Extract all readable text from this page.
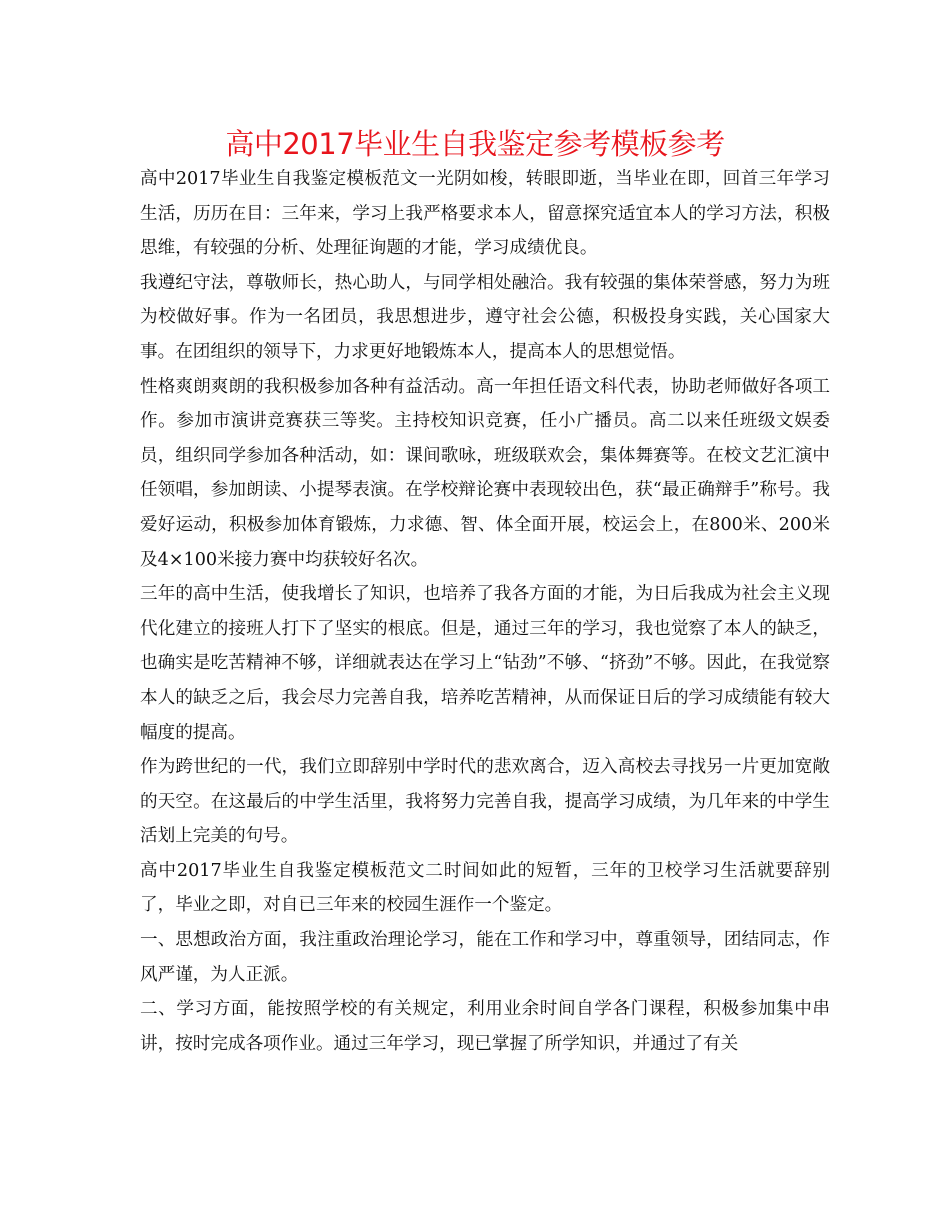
高中2017毕业生自我鉴定参考模板参考

高中2017毕业生自我鉴定模板范文一光阴如梭，转眼即逝，当毕业在即，回首三年学习生活，历历在目：三年来，学习上我严格要求本人，留意探究适宜本人的学习方法，积极思维，有较强的分析、处理征询题的才能，学习成绩优良。

我遵纪守法，尊敬师长，热心助人，与同学相处融洽。我有较强的集体荣誉感，努力为班为校做好事。作为一名团员，我思想进步，遵守社会公德，积极投身实践，关心国家大事。在团组织的领导下，力求更好地锻炼本人，提高本人的思想觉悟。

性格爽朗爽朗的我积极参加各种有益活动。高一年担任语文科代表，协助老师做好各项工作。参加市演讲竞赛获三等奖。主持校知识竞赛，任小广播员。高二以来任班级文娱委员，组织同学参加各种活动，如：课间歌咏，班级联欢会，集体舞赛等。在校文艺汇演中任领唱，参加朗读、小提琴表演。在学校辩论赛中表现较出色，获“最正确辩手”称号。我爱好运动，积极参加体育锻炼，力求德、智、体全面开展，校运会上，在800米、200米及4×100米接力赛中均获较好名次。

三年的高中生活，使我增长了知识，也培养了我各方面的才能，为日后我成为社会主义现代化建立的接班人打下了坚实的根底。但是，通过三年的学习，我也觉察了本人的缺乏，也确实是吃苦精神不够，详细就表达在学习上“钻劲”不够、“挤劲”不够。因此，在我觉察本人的缺乏之后，我会尽力完善自我，培养吃苦精神，从而保证日后的学习成绩能有较大幅度的提高。

作为跨世纪的一代，我们立即辞别中学时代的悲欢离合，迈入高校去寻找另一片更加宽敞的天空。在这最后的中学生活里，我将努力完善自我，提高学习成绩，为几年来的中学生活划上完美的句号。

高中2017毕业生自我鉴定模板范文二时间如此的短暂，三年的卫校学习生活就要辞别了，毕业之即，对自已三年来的校园生涯作一个鉴定。

一、思想政治方面，我注重政治理论学习，能在工作和学习中，尊重领导，团结同志，作风严谨，为人正派。

二、学习方面，能按照学校的有关规定，利用业余时间自学各门课程，积极参加集中串讲，按时完成各项作业。通过三年学习，现已掌握了所学知识，并通过了有关
